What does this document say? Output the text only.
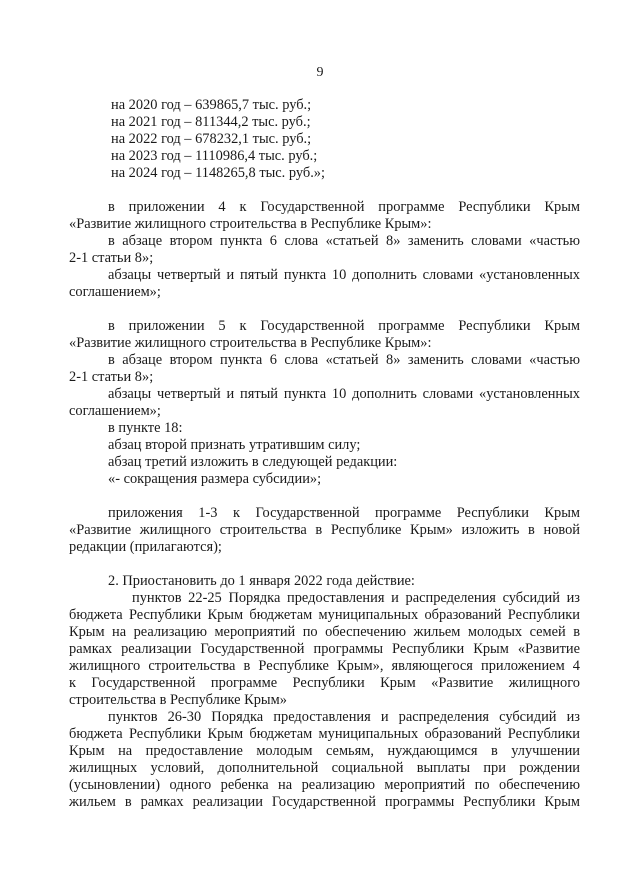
9
на 2020 год – 639865,7 тыс. руб.;
на 2021 год – 811344,2 тыс. руб.;
на 2022 год – 678232,1 тыс. руб.;
на 2023 год – 1110986,4 тыс. руб.;
на 2024 год – 1148265,8 тыс. руб.»;
в приложении 4 к Государственной программе Республики Крым
«Развитие жилищного строительства в Республике Крым»:
в абзаце втором пункта 6 слова «статьей 8» заменить словами «частью
2-1 статьи 8»;
абзацы четвертый и пятый пункта 10 дополнить словами «установленных
соглашением»;
в приложении 5 к Государственной программе Республики Крым
«Развитие жилищного строительства в Республике Крым»:
в абзаце втором пункта 6 слова «статьей 8» заменить словами «частью
2-1 статьи 8»;
абзацы четвертый и пятый пункта 10 дополнить словами «установленных
соглашением»;
в пункте 18:
абзац второй признать утратившим силу;
абзац третий изложить в следующей редакции:
«- сокращения размера субсидии»;
приложения 1-3 к Государственной программе Республики Крым
«Развитие жилищного строительства в Республике Крым» изложить в новой
редакции (прилагаются);
2. Приостановить до 1 января 2022 года действие:
пунктов 22-25 Порядка предоставления и распределения субсидий из
бюджета Республики Крым бюджетам муниципальных образований Республики
Крым на реализацию мероприятий по обеспечению жильем молодых семей в
рамках реализации Государственной программы Республики Крым «Развитие
жилищного строительства в Республике Крым», являющегося приложением 4
к Государственной программе Республики Крым «Развитие жилищного
строительства в Республике Крым»
пунктов 26-30 Порядка предоставления и распределения субсидий из
бюджета Республики Крым бюджетам муниципальных образований Республики
Крым на предоставление молодым семьям, нуждающимся в улучшении
жилищных условий, дополнительной социальной выплаты при рождении
(усыновлении) одного ребенка на реализацию мероприятий по обеспечению
жильем в рамках реализации Государственной программы Республики Крым
